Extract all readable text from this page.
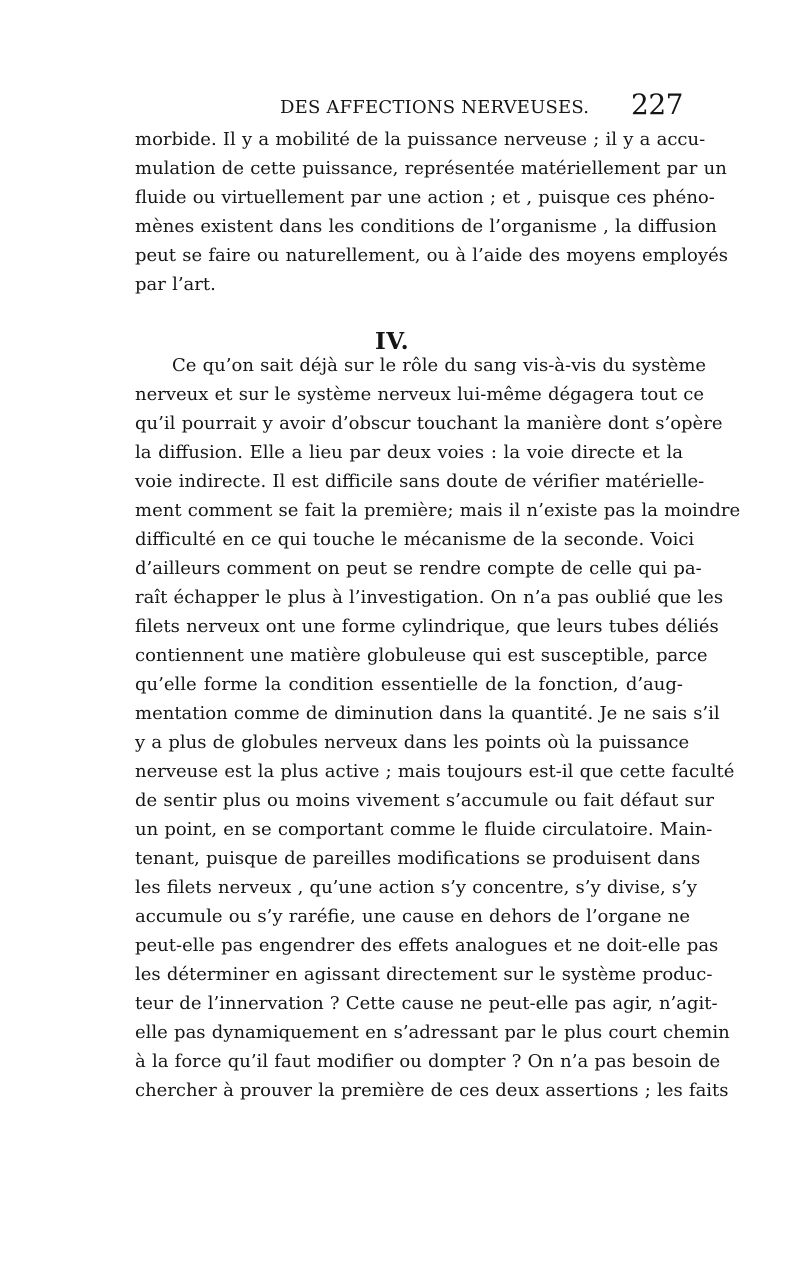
DES AFFECTIONS NERVEUSES. 227
morbide. Il y a mobilité de la puissance nerveuse ; il y a accu-
mulation de cette puissance, représentée matériellement par un
fluide ou virtuellement par une action ; et , puisque ces phéno-
mènes existent dans les conditions de l’organisme , la diffusion
peut se faire ou naturellement, ou à l’aide des moyens employés
par l’art.
IV.
Ce qu’on sait déjà sur le rôle du sang vis-à-vis du système
nerveux et sur le système nerveux lui-même dégagera tout ce
qu’il pourrait y avoir d’obscur touchant la manière dont s’opère
la diffusion. Elle a lieu par deux voies : la voie directe et la
voie indirecte. Il est difficile sans doute de vérifier matérielle-
ment comment se fait la première; mais il n’existe pas la moindre
difficulté en ce qui touche le mécanisme de la seconde. Voici
d’ailleurs comment on peut se rendre compte de celle qui pa-
raît échapper le plus à l’investigation. On n’a pas oublié que les
filets nerveux ont une forme cylindrique, que leurs tubes déliés
contiennent une matière globuleuse qui est susceptible, parce
qu’elle forme la condition essentielle de la fonction, d’aug-
mentation comme de diminution dans la quantité. Je ne sais s’il
y a plus de globules nerveux dans les points où la puissance
nerveuse est la plus active ; mais toujours est-il que cette faculté
de sentir plus ou moins vivement s’accumule ou fait défaut sur
un point, en se comportant comme le fluide circulatoire. Main-
tenant, puisque de pareilles modifications se produisent dans
les filets nerveux , qu’une action s’y concentre, s’y divise, s’y
accumule ou s’y raréfie, une cause en dehors de l’organe ne
peut-elle pas engendrer des effets analogues et ne doit-elle pas
les déterminer en agissant directement sur le système produc-
teur de l’innervation ? Cette cause ne peut-elle pas agir, n’agit-
elle pas dynamiquement en s’adressant par le plus court chemin
à la force qu’il faut modifier ou dompter ? On n’a pas besoin de
chercher à prouver la première de ces deux assertions ; les faits
